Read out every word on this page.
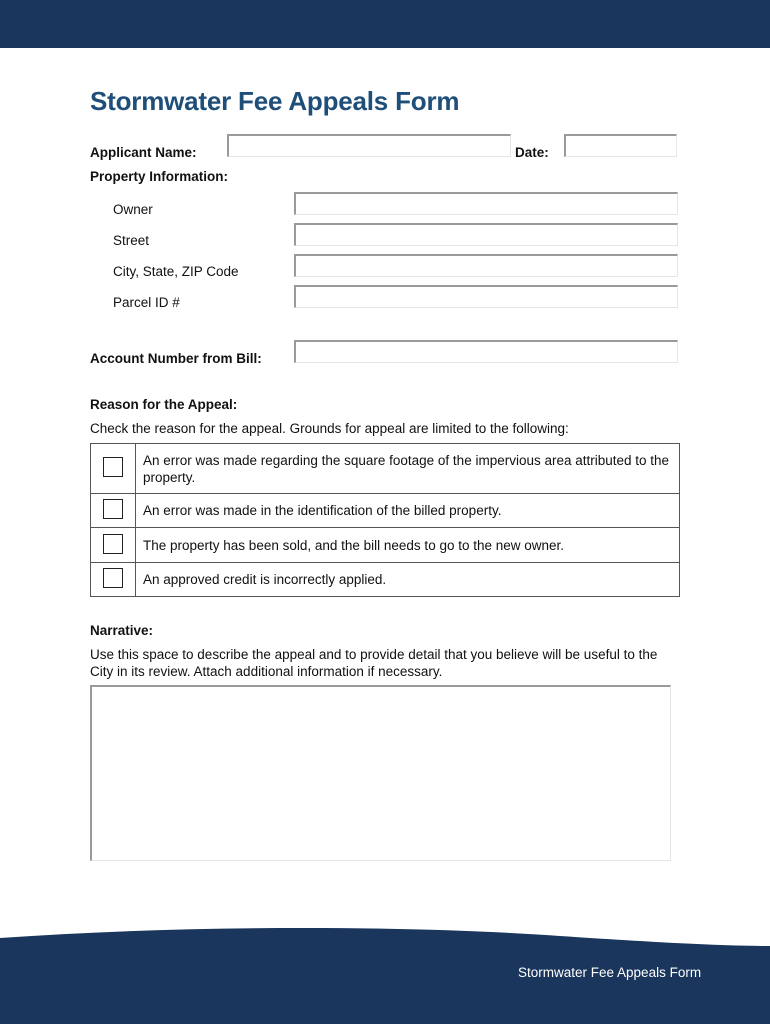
Stormwater Fee Appeals Form
Applicant Name:	Date:
Property Information:
Owner
Street
City, State, ZIP Code
Parcel ID #
Account Number from Bill:
Reason for the Appeal:
Check the reason for the appeal. Grounds for appeal are limited to the following:
	An error was made regarding the square footage of the impervious area attributed to the property.
	An error was made in the identification of the billed property.
	The property has been sold, and the bill needs to go to the new owner.
	An approved credit is incorrectly applied.
Narrative:
Use this space to describe the appeal and to provide detail that you believe will be useful to the City in its review. Attach additional information if necessary.
Stormwater Fee Appeals Form
